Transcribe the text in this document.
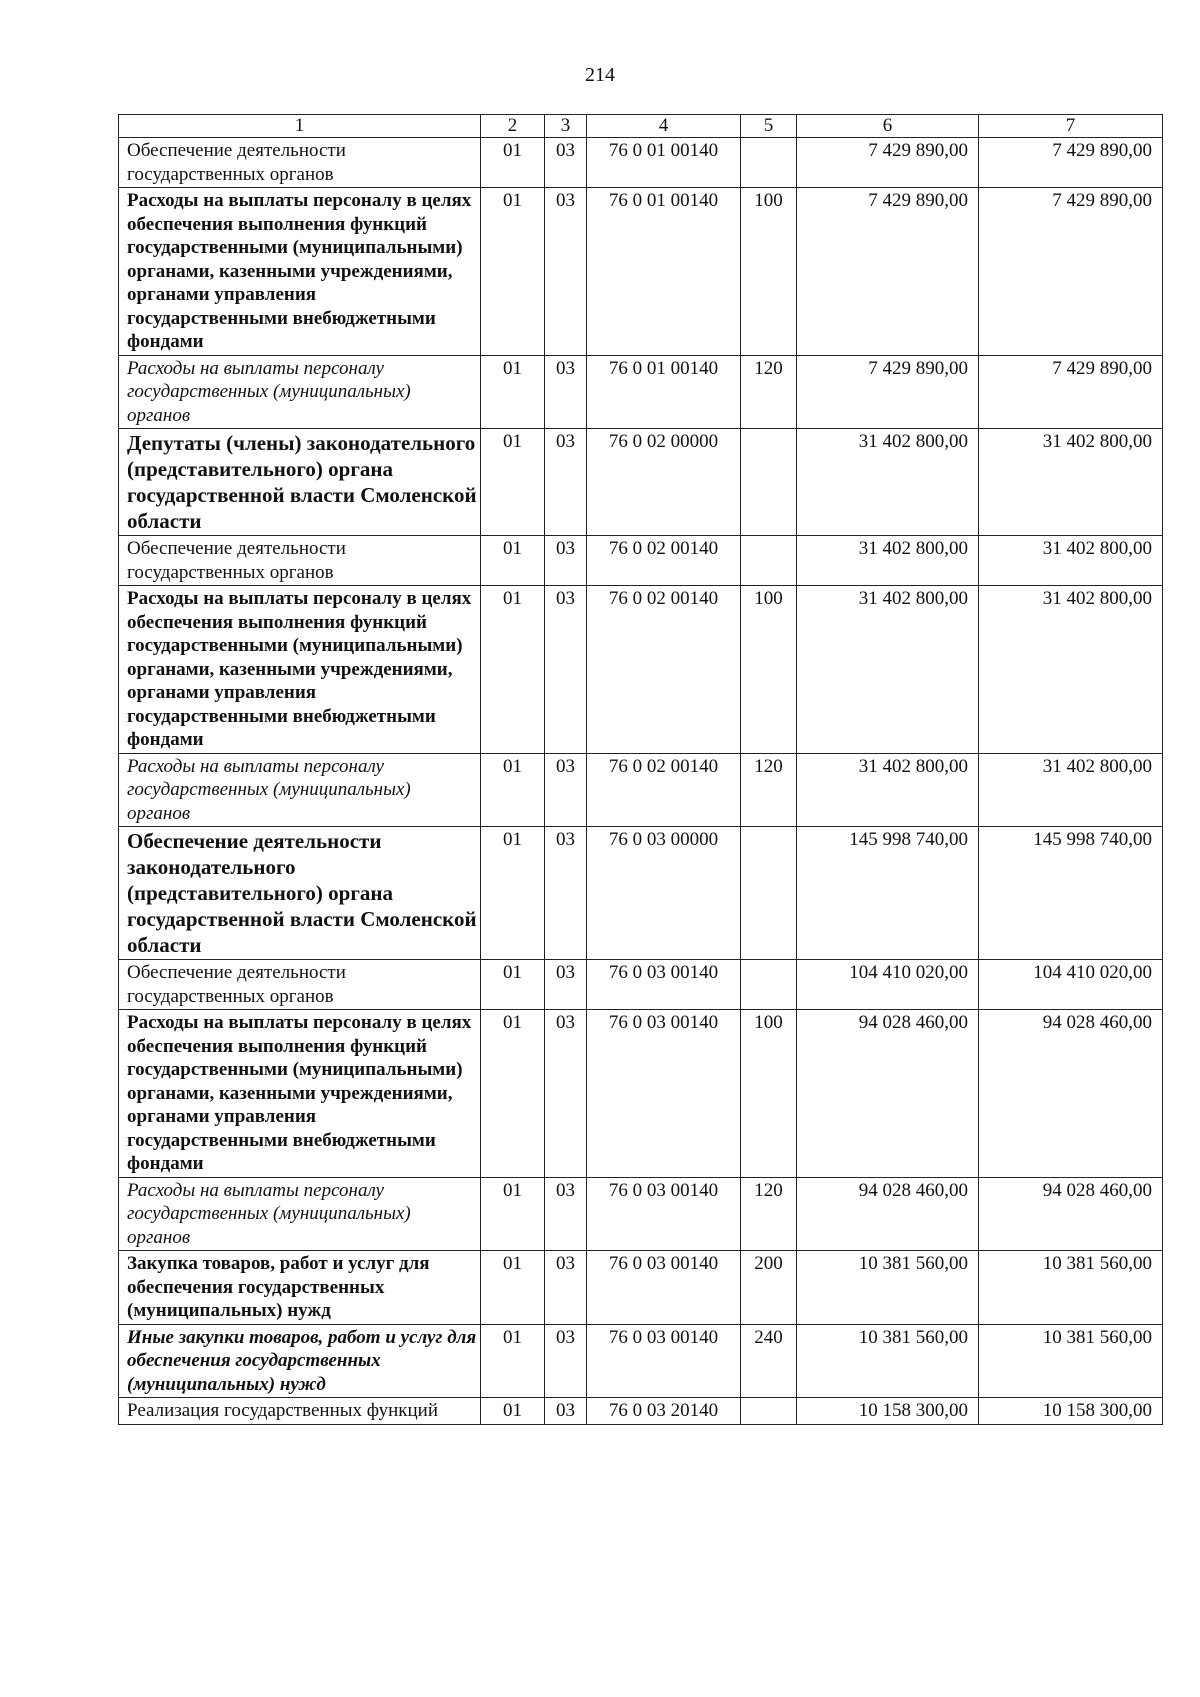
214
1	2	3	4	5	6	7
Обеспечение деятельности государственных органов	01	03	76 0 01 00140		7 429 890,00	7 429 890,00
Расходы на выплаты персоналу в целях обеспечения выполнения функций государственными (муниципальными) органами, казенными учреждениями, органами управления государственными внебюджетными фондами	01	03	76 0 01 00140	100	7 429 890,00	7 429 890,00
Расходы на выплаты персоналу государственных (муниципальных) органов	01	03	76 0 01 00140	120	7 429 890,00	7 429 890,00
Депутаты (члены) законодательного (представительного) органа государственной власти Смоленской области	01	03	76 0 02 00000		31 402 800,00	31 402 800,00
Обеспечение деятельности государственных органов	01	03	76 0 02 00140		31 402 800,00	31 402 800,00
Расходы на выплаты персоналу в целях обеспечения выполнения функций государственными (муниципальными) органами, казенными учреждениями, органами управления государственными внебюджетными фондами	01	03	76 0 02 00140	100	31 402 800,00	31 402 800,00
Расходы на выплаты персоналу государственных (муниципальных) органов	01	03	76 0 02 00140	120	31 402 800,00	31 402 800,00
Обеспечение деятельности законодательного (представительного) органа государственной власти Смоленской области	01	03	76 0 03 00000		145 998 740,00	145 998 740,00
Обеспечение деятельности государственных органов	01	03	76 0 03 00140		104 410 020,00	104 410 020,00
Расходы на выплаты персоналу в целях обеспечения выполнения функций государственными (муниципальными) органами, казенными учреждениями, органами управления государственными внебюджетными фондами	01	03	76 0 03 00140	100	94 028 460,00	94 028 460,00
Расходы на выплаты персоналу государственных (муниципальных) органов	01	03	76 0 03 00140	120	94 028 460,00	94 028 460,00
Закупка товаров, работ и услуг для обеспечения государственных (муниципальных) нужд	01	03	76 0 03 00140	200	10 381 560,00	10 381 560,00
Иные закупки товаров, работ и услуг для обеспечения государственных (муниципальных) нужд	01	03	76 0 03 00140	240	10 381 560,00	10 381 560,00
Реализация государственных функций	01	03	76 0 03 20140		10 158 300,00	10 158 300,00
